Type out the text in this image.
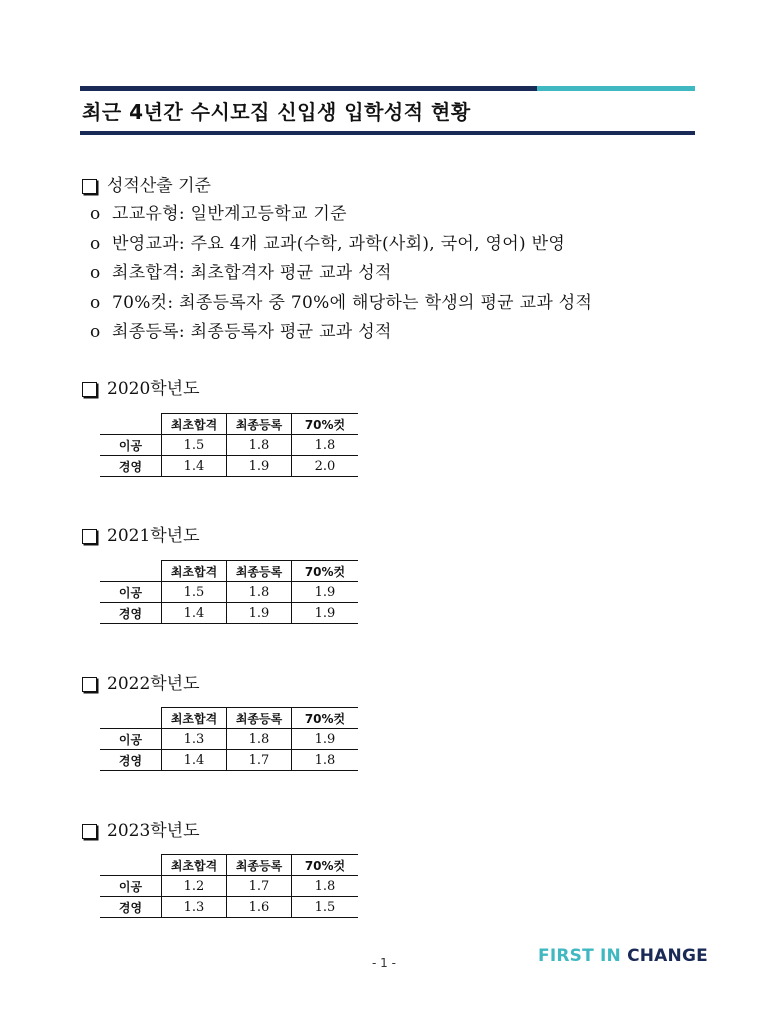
최근 4년간 수시모집 신입생 입학성적 현황
성적산출 기준
o 고교유형: 일반계고등학교 기준
o 반영교과: 주요 4개 교과(수학, 과학(사회), 국어, 영어) 반영
o 최초합격: 최초합격자 평균 교과 성적
o 70%컷: 최종등록자 중 70%에 해당하는 학생의 평균 교과 성적
o 최종등록: 최종등록자 평균 교과 성적
2020학년도
	최초합격	최종등록	70%컷
이공	1.5	1.8	1.8
경영	1.4	1.9	2.0
2021학년도
	최초합격	최종등록	70%컷
이공	1.5	1.8	1.9
경영	1.4	1.9	1.9
2022학년도
	최초합격	최종등록	70%컷
이공	1.3	1.8	1.9
경영	1.4	1.7	1.8
2023학년도
	최초합격	최종등록	70%컷
이공	1.2	1.7	1.8
경영	1.3	1.6	1.5
- 1 -	FIRST IN CHANGE
